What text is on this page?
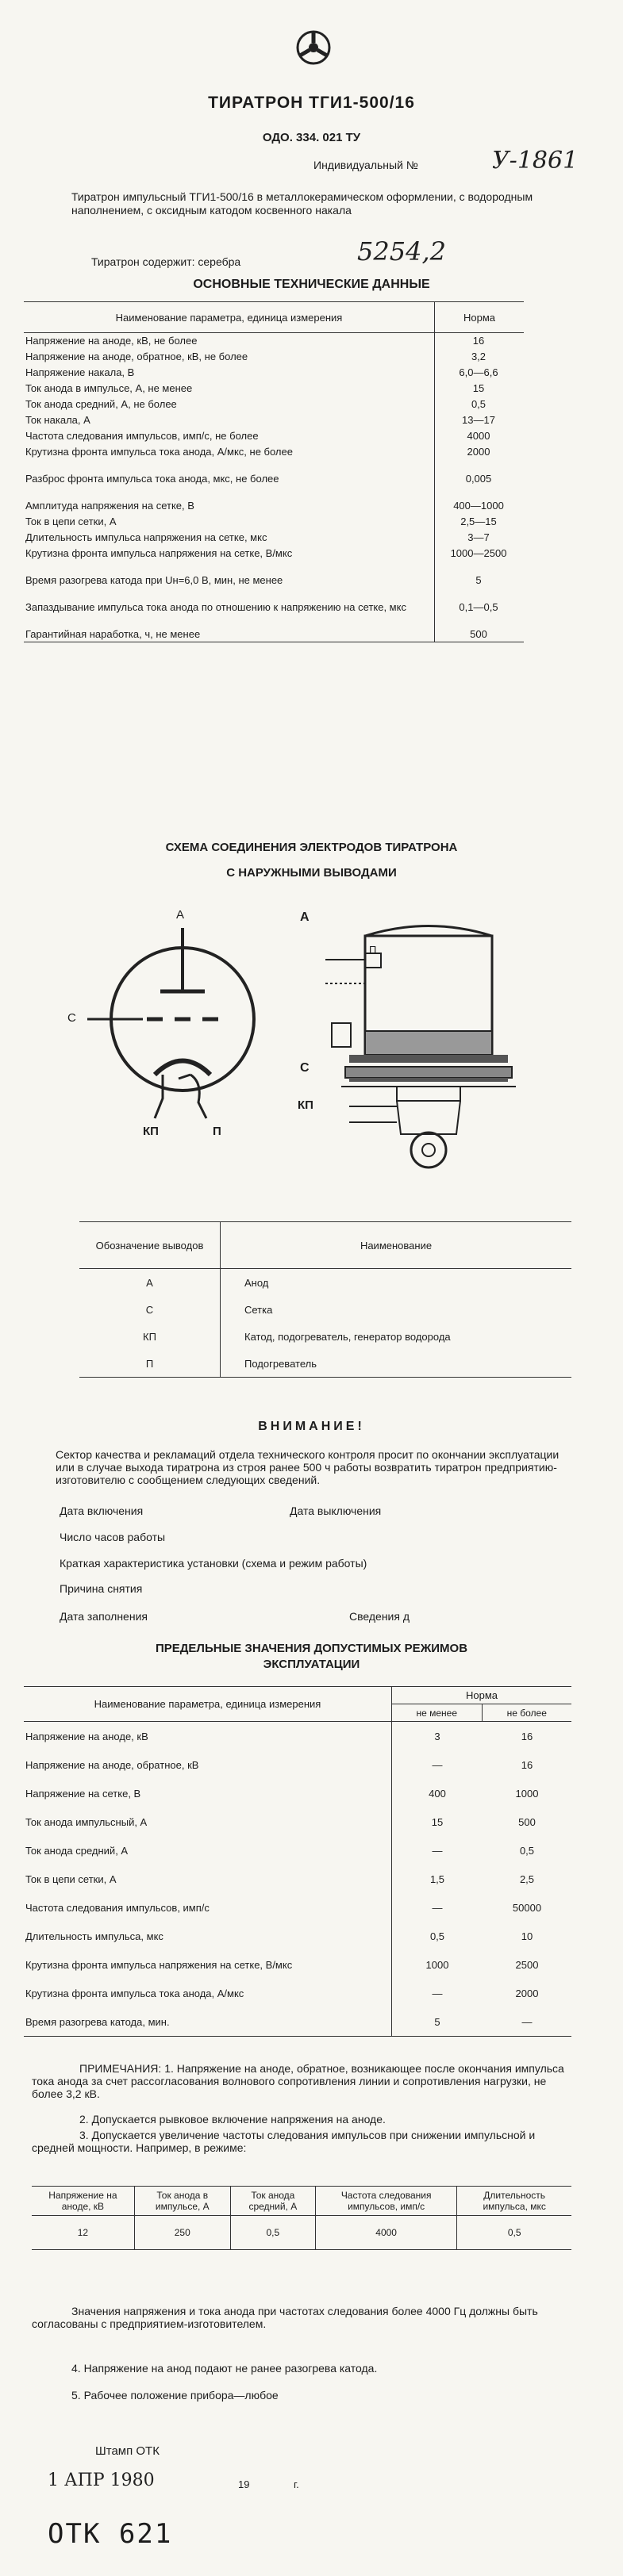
ТИРАТРОН ТГИ1-500/16
ОДО. 334. 021 ТУ
Индивидуальный №	У-1861
Тиратрон импульсный ТГИ1-500/16 в металлокерамическом оформлении, с водородным наполнением, с оксидным катодом косвенного накала
Тиратрон содержит: серебра	5254,2
ОСНОВНЫЕ ТЕХНИЧЕСКИЕ ДАННЫЕ
Наименование параметра, единица измерения	Норма
Напряжение на аноде, кВ, не более	16
Напряжение на аноде, обратное, кВ, не более	3,2
Напряжение накала, В	6,0—6,6
Ток анода в импульсе, А, не менее	15
Ток анода средний, А, не более	0,5
Ток накала, А	13—17
Частота следования импульсов, имп/с, не более	4000
Крутизна фронта импульса тока анода, А/мкс, не более	2000
Разброс фронта импульса тока анода, мкс, не более	0,005
Амплитуда напряжения на сетке, В	400—1000
Ток в цепи сетки, А	2,5—15
Длительность импульса напряжения на сетке, мкс	3—7
Крутизна фронта импульса напряжения на сетке, В/мкс	1000—2500
Время разогрева катода при Uн=6,0 В, мин, не менее	5
Запаздывание импульса тока анода по отношению к напряжению на сетке, мкс	0,1—0,5
Гарантийная наработка, ч, не менее	500
СХЕМА СОЕДИНЕНИЯ ЭЛЕКТРОДОВ ТИРАТРОНА
С НАРУЖНЫМИ ВЫВОДАМИ
А
С
КП	П
А
П
С
КП
Обозначение выводов	Наименование
А	Анод
С	Сетка
КП	Катод, подогреватель, генератор водорода
П	Подогреватель
ВНИМАНИЕ!
Сектор качества и рекламаций отдела технического контроля просит по окончании эксплуатации или в случае выхода тиратрона из строя ранее 500 ч работы возвратить тиратрон предприятию-изготовителю с сообщением следующих сведений.
Дата включения	Дата выключения
Число часов работы
Краткая характеристика установки (схема и режим работы)
Причина снятия
Дата заполнения	Сведения д
ПРЕДЕЛЬНЫЕ ЗНАЧЕНИЯ ДОПУСТИМЫХ РЕЖИМОВ
ЭКСПЛУАТАЦИИ
Наименование параметра, единица измерения	Норма	
	не менее	не более
Напряжение на аноде, кВ	3	16
Напряжение на аноде, обратное, кВ	—	16
Напряжение на сетке, В	400	1000
Ток анода импульсный, А	15	500
Ток анода средний, А	—	0,5
Ток в цепи сетки, А	1,5	2,5
Частота следования импульсов, имп/с	—	50000
Длительность импульса, мкс	0,5	10
Крутизна фронта импульса напряжения на сетке, В/мкс	1000	2500
Крутизна фронта импульса тока анода, А/мкс	—	2000
Время разогрева катода, мин.	5	—
ПРИМЕЧАНИЯ: 1. Напряжение на аноде, обратное, возникающее после окончания импульса тока анода за счет рассогласования волнового сопротивления линии и сопротивления нагрузки, не более 3,2 кВ.
2. Допускается рывковое включение напряжения на аноде.
3. Допускается увеличение частоты следования импульсов при снижении импульсной и средней мощности. Например, в режиме:
Напряжение на аноде, кВ	Ток анода в импульсе, А	Ток анода средний, А	Частота следования импульсов, имп/с	Длительность импульса, мкс
12	250	0,5	4000	0,5
Значения напряжения и тока анода при частотах следования более 4000 Гц должны быть согласованы с предприятием-изготовителем.
4. Напряжение на анод подают не ранее разогрева катода.
5. Рабочее положение прибора—любое
Штамп ОТК
1 АПР 1980	19	г.
ОТК 621
